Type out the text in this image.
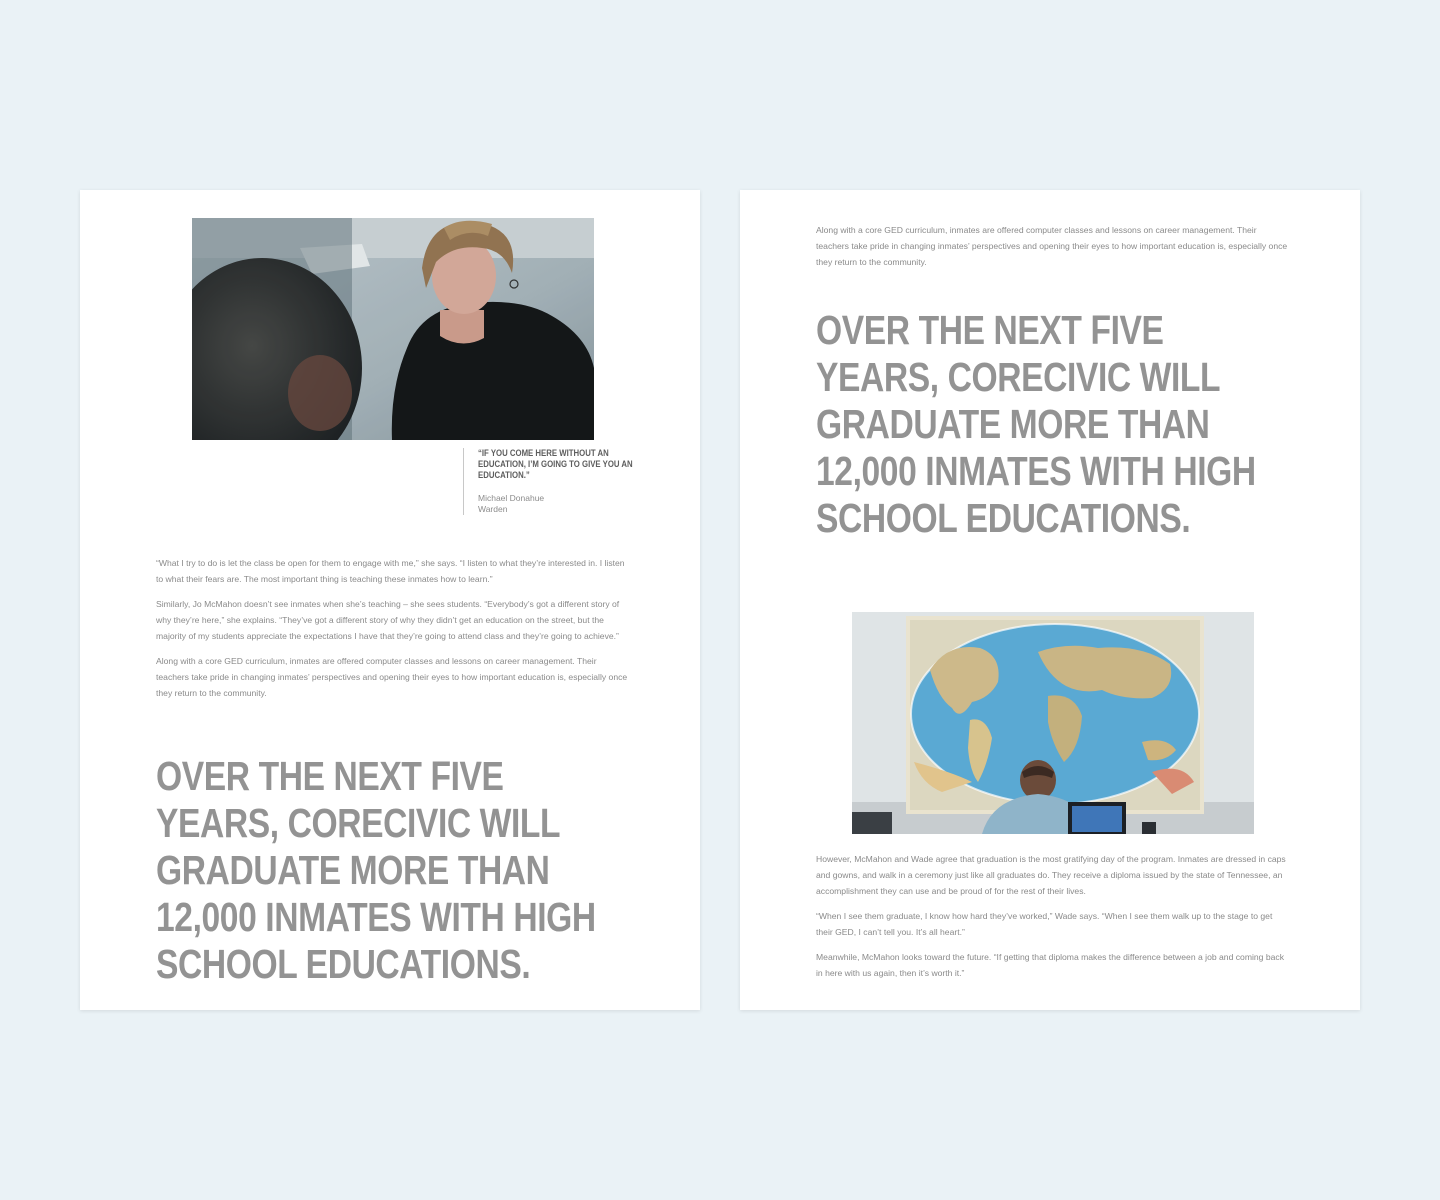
“IF YOU COME HERE WITHOUT AN EDUCATION, I’M GOING TO GIVE YOU AN EDUCATION.”

Michael Donahue
Warden

“What I try to do is let the class be open for them to engage with me,” she says. “I listen to what they’re interested in. I listen to what their fears are. The most important thing is teaching these inmates how to learn.”

Similarly, Jo McMahon doesn’t see inmates when she’s teaching – she sees students. “Everybody’s got a different story of why they’re here,” she explains. “They’ve got a different story of why they didn’t get an education on the street, but the majority of my students appreciate the expectations I have that they’re going to attend class and they’re going to achieve.”

Along with a core GED curriculum, inmates are offered computer classes and lessons on career management. Their teachers take pride in changing inmates’ perspectives and opening their eyes to how important education is, especially once they return to the community.

OVER THE NEXT FIVE YEARS, CORECIVIC WILL GRADUATE MORE THAN 12,000 INMATES WITH HIGH SCHOOL EDUCATIONS.

Along with a core GED curriculum, inmates are offered computer classes and lessons on career management. Their teachers take pride in changing inmates’ perspectives and opening their eyes to how important education is, especially once they return to the community.

OVER THE NEXT FIVE YEARS, CORECIVIC WILL GRADUATE MORE THAN 12,000 INMATES WITH HIGH SCHOOL EDUCATIONS.

However, McMahon and Wade agree that graduation is the most gratifying day of the program. Inmates are dressed in caps and gowns, and walk in a ceremony just like all graduates do. They receive a diploma issued by the state of Tennessee, an accomplishment they can use and be proud of for the rest of their lives.

“When I see them graduate, I know how hard they’ve worked,” Wade says. “When I see them walk up to the stage to get their GED, I can’t tell you. It’s all heart.”

Meanwhile, McMahon looks toward the future. “If getting that diploma makes the difference between a job and coming back in here with us again, then it’s worth it.”
